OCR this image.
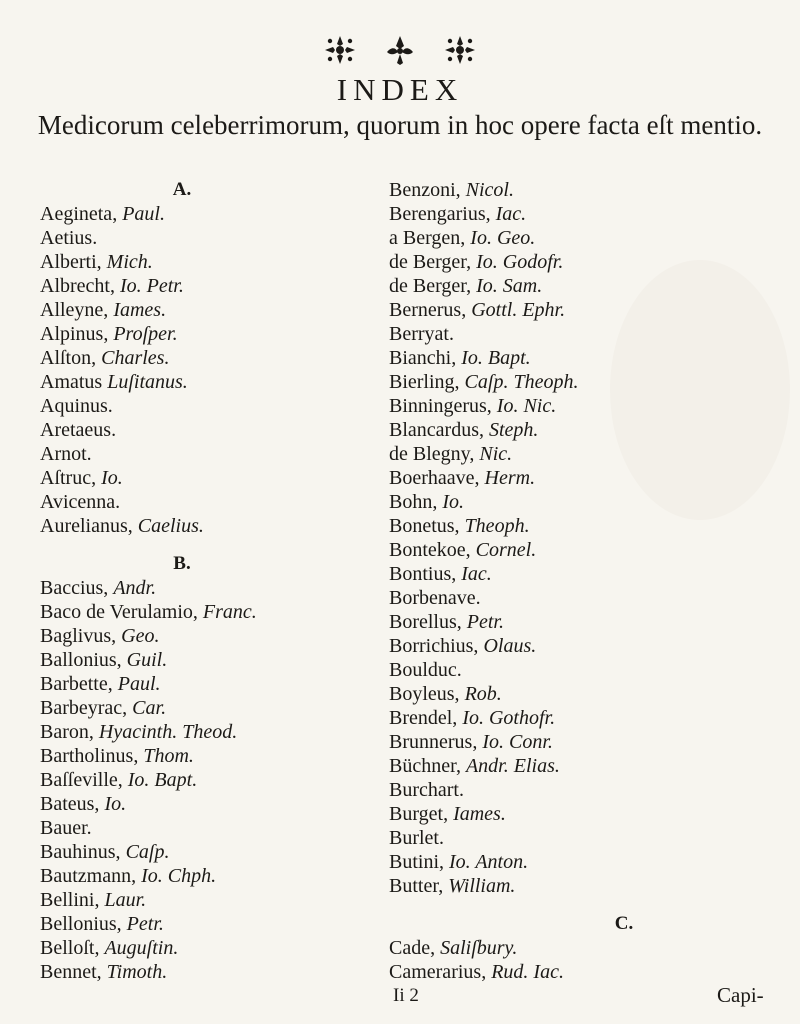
INDEX
Medicorum celeberrimorum, quorum in hoc opere facta eſt mentio.
A.
Aegineta, Paul.
Aetius.
Alberti, Mich.
Albrecht, Io. Petr.
Alleyne, Iames.
Alpinus, Proſper.
Alſton, Charles.
Amatus Luſitanus.
Aquinus.
Aretaeus.
Arnot.
Aſtruc, Io.
Avicenna.
Aurelianus, Caelius.
B.
Baccius, Andr.
Baco de Verulamio, Franc.
Baglivus, Geo.
Ballonius, Guil.
Barbette, Paul.
Barbeyrac, Car.
Baron, Hyacinth. Theod.
Bartholinus, Thom.
Baſſeville, Io. Bapt.
Bateus, Io.
Bauer.
Bauhinus, Caſp.
Bautzmann, Io. Chph.
Bellini, Laur.
Bellonius, Petr.
Belloſt, Auguſtin.
Bennet, Timoth.
Benzoni, Nicol.
Berengarius, Iac.
a Bergen, Io. Geo.
de Berger, Io. Godofr.
de Berger, Io. Sam.
Bernerus, Gottl. Ephr.
Berryat.
Bianchi, Io. Bapt.
Bierling, Caſp. Theoph.
Binningerus, Io. Nic.
Blancardus, Steph.
de Blegny, Nic.
Boerhaave, Herm.
Bohn, Io.
Bonetus, Theoph.
Bontekoe, Cornel.
Bontius, Iac.
Borbenave.
Borellus, Petr.
Borrichius, Olaus.
Boulduc.
Boyleus, Rob.
Brendel, Io. Gothofr.
Brunnerus, Io. Conr.
Büchner, Andr. Elias.
Burchart.
Burget, Iames.
Burlet.
Butini, Io. Anton.
Butter, William.
C.
Cade, Saliſbury.
Camerarius, Rud. Iac.
Ii 2	Capi-
